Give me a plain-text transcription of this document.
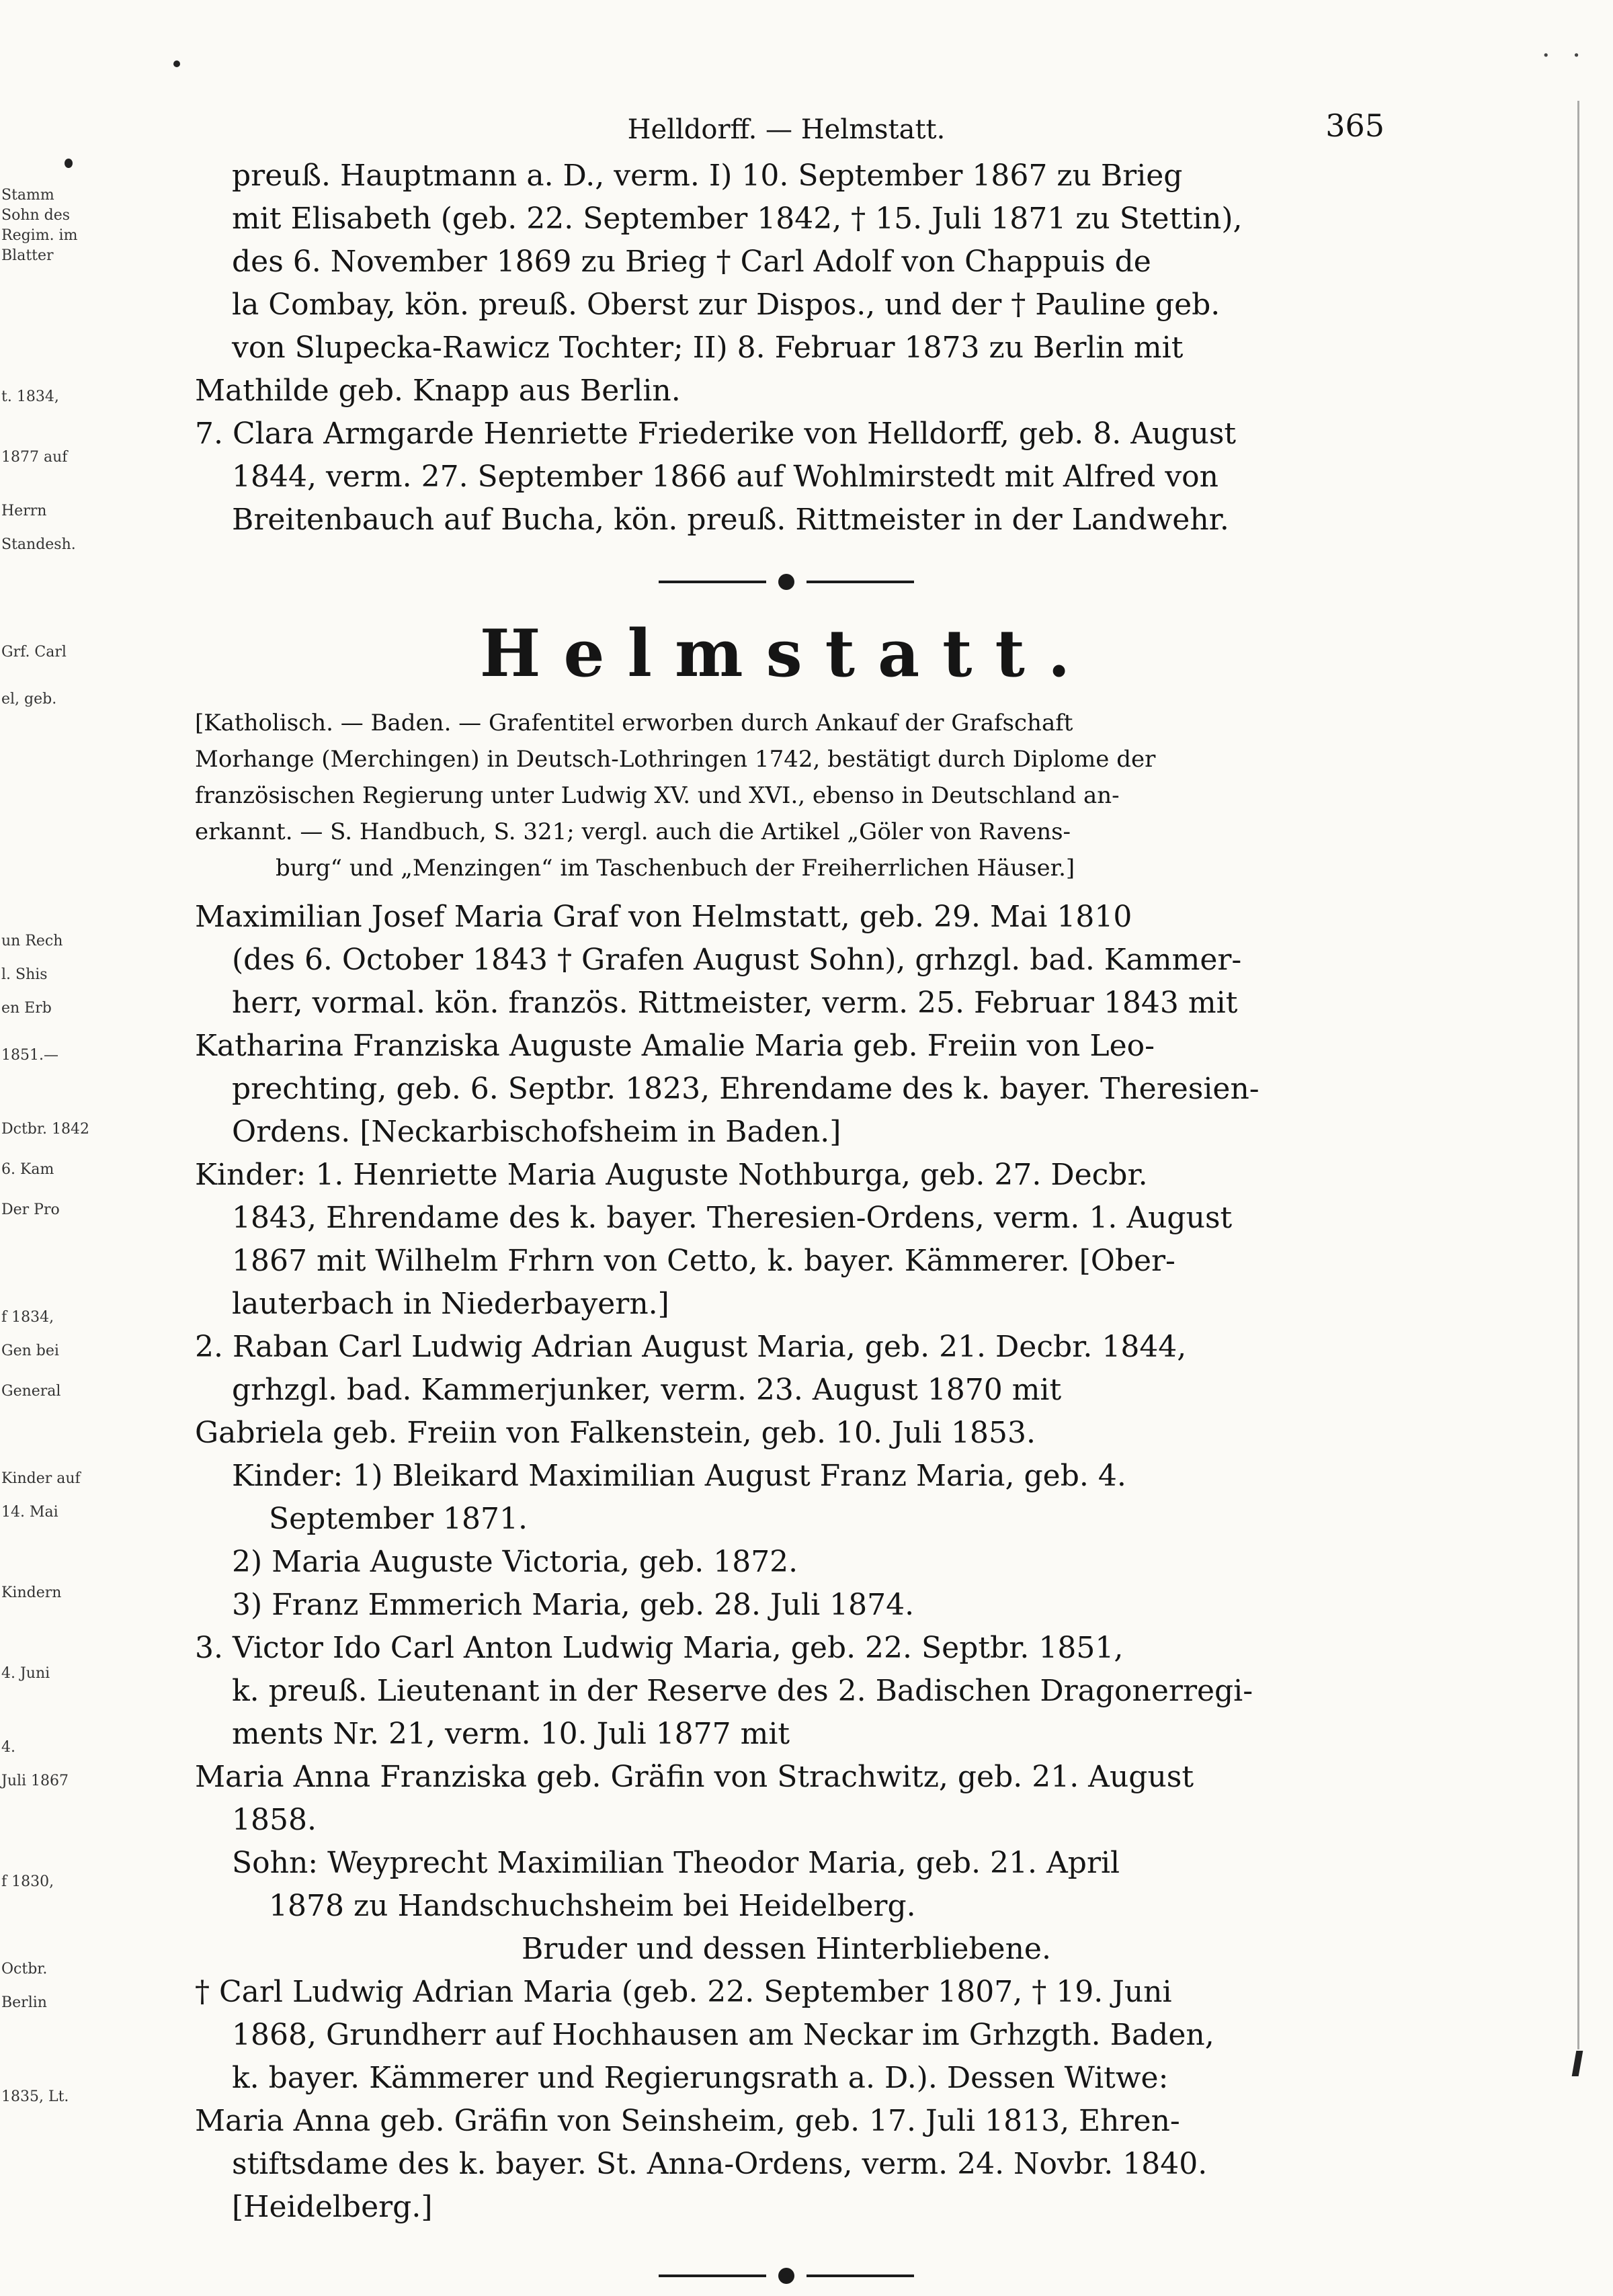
Stamm
Sohn des
Regim. im
Blatter
t. 1834,
1877 auf
Herrn
Standesh.
Grf. Carl
el, geb.
un Rech
l. Shis
en Erb
1851.—
Dctbr. 1842
6. Kam
Der Pro
f 1834,
Gen bei
General
Kinder auf
14. Mai
Kindern
4. Juni
4.
Juli 1867
f 1830,
Octbr.
Berlin
1835, Lt.
· ·
Helldorff. — Helmstatt.	365
preuß. Hauptmann a. D., verm. I) 10. September 1867 zu Brieg
mit Elisabeth (geb. 22. September 1842, † 15. Juli 1871 zu Stettin),
des 6. November 1869 zu Brieg † Carl Adolf von Chappuis de
la Combay, kön. preuß. Oberst zur Dispos., und der † Pauline geb.
von Slupecka-Rawicz Tochter; II) 8. Februar 1873 zu Berlin mit
Mathilde geb. Knapp aus Berlin.
7. Clara Armgarde Henriette Friederike von Helldorff, geb. 8. August
1844, verm. 27. September 1866 auf Wohlmirstedt mit Alfred von
Breitenbauch auf Bucha, kön. preuß. Rittmeister in der Landwehr.
Helmstatt.
[Katholisch. — Baden. — Grafentitel erworben durch Ankauf der Grafschaft
Morhange (Merchingen) in Deutsch-Lothringen 1742, bestätigt durch Diplome der
französischen Regierung unter Ludwig XV. und XVI., ebenso in Deutschland an-
erkannt. — S. Handbuch, S. 321; vergl. auch die Artikel „Göler von Ravens-
burg“ und „Menzingen“ im Taschenbuch der Freiherrlichen Häuser.]
Maximilian Josef Maria Graf von Helmstatt, geb. 29. Mai 1810
(des 6. October 1843 † Grafen August Sohn), grhzgl. bad. Kammer-
herr, vormal. kön. französ. Rittmeister, verm. 25. Februar 1843 mit
Katharina Franziska Auguste Amalie Maria geb. Freiin von Leo-
prechting, geb. 6. Septbr. 1823, Ehrendame des k. bayer. Theresien-
Ordens. [Neckarbischofsheim in Baden.]
Kinder: 1. Henriette Maria Auguste Nothburga, geb. 27. Decbr.
1843, Ehrendame des k. bayer. Theresien-Ordens, verm. 1. August
1867 mit Wilhelm Frhrn von Cetto, k. bayer. Kämmerer. [Ober-
lauterbach in Niederbayern.]
2. Raban Carl Ludwig Adrian August Maria, geb. 21. Decbr. 1844,
grhzgl. bad. Kammerjunker, verm. 23. August 1870 mit
Gabriela geb. Freiin von Falkenstein, geb. 10. Juli 1853.
Kinder: 1) Bleikard Maximilian August Franz Maria, geb. 4.
September 1871.
2) Maria Auguste Victoria, geb. 1872.
3) Franz Emmerich Maria, geb. 28. Juli 1874.
3. Victor Ido Carl Anton Ludwig Maria, geb. 22. Septbr. 1851,
k. preuß. Lieutenant in der Reserve des 2. Badischen Dragonerregi-
ments Nr. 21, verm. 10. Juli 1877 mit
Maria Anna Franziska geb. Gräfin von Strachwitz, geb. 21. August
1858.
Sohn: Weyprecht Maximilian Theodor Maria, geb. 21. April
1878 zu Handschuchsheim bei Heidelberg.
Bruder und dessen Hinterbliebene.
† Carl Ludwig Adrian Maria (geb. 22. September 1807, † 19. Juni
1868, Grundherr auf Hochhausen am Neckar im Grhzgth. Baden,
k. bayer. Kämmerer und Regierungsrath a. D.). Dessen Witwe:
Maria Anna geb. Gräfin von Seinsheim, geb. 17. Juli 1813, Ehren-
stiftsdame des k. bayer. St. Anna-Ordens, verm. 24. Novbr. 1840.
[Heidelberg.]
